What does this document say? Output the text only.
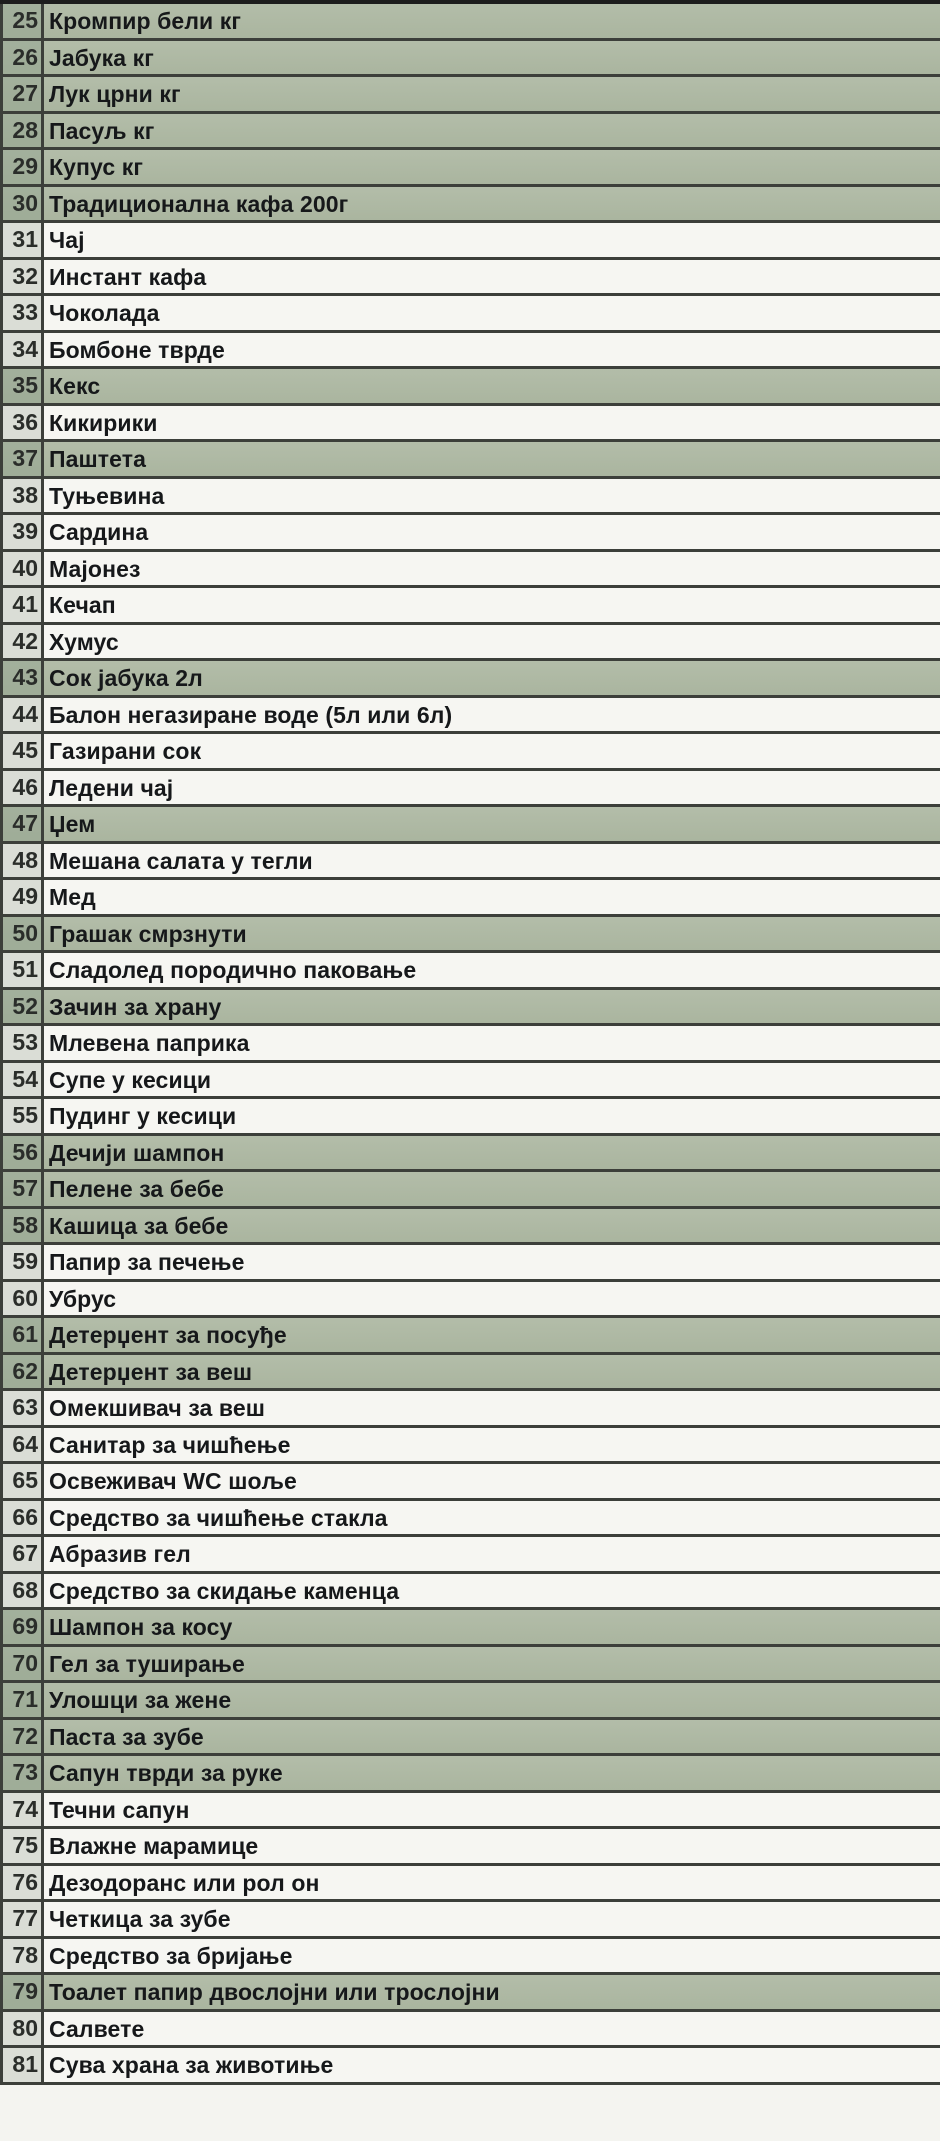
25 Кромпир бели кг
26 Јабука кг
27 Лук црни кг
28 Пасуљ кг
29 Купус кг
30 Традиционална кафа 200г
31 Чај
32 Инстант кафа
33 Чоколада
34 Бомбоне тврде
35 Кекс
36 Кикирики
37 Паштета
38 Туњевина
39 Сардина
40 Мајонез
41 Кечап
42 Хумус
43 Сок јабука 2л
44 Балон негазиране воде (5л или 6л)
45 Газирани сок
46 Ледени чај
47 Џем
48 Мешана салата у тегли
49 Мед
50 Грашак смрзнути
51 Сладолед породично паковање
52 Зачин за храну
53 Млевена паприка
54 Супе у кесици
55 Пудинг у кесици
56 Дечији шампон
57 Пелене за бебе
58 Кашица за бебе
59 Папир за печење
60 Убрус
61 Детерџент за посуђе
62 Детерџент за веш
63 Омекшивач за веш
64 Санитар за чишћење
65 Освеживач WC шоље
66 Средство за чишћење стакла
67 Абразив гел
68 Средство за скидање каменца
69 Шампон за косу
70 Гел за туширање
71 Улошци за жене
72 Паста за зубе
73 Сапун тврди за руке
74 Течни сапун
75 Влажне марамице
76 Дезодоранс или рол он
77 Четкица за зубе
78 Средство за бријање
79 Тоалет папир двослојни или трослојни
80 Салвете
81 Сува храна за животиње
